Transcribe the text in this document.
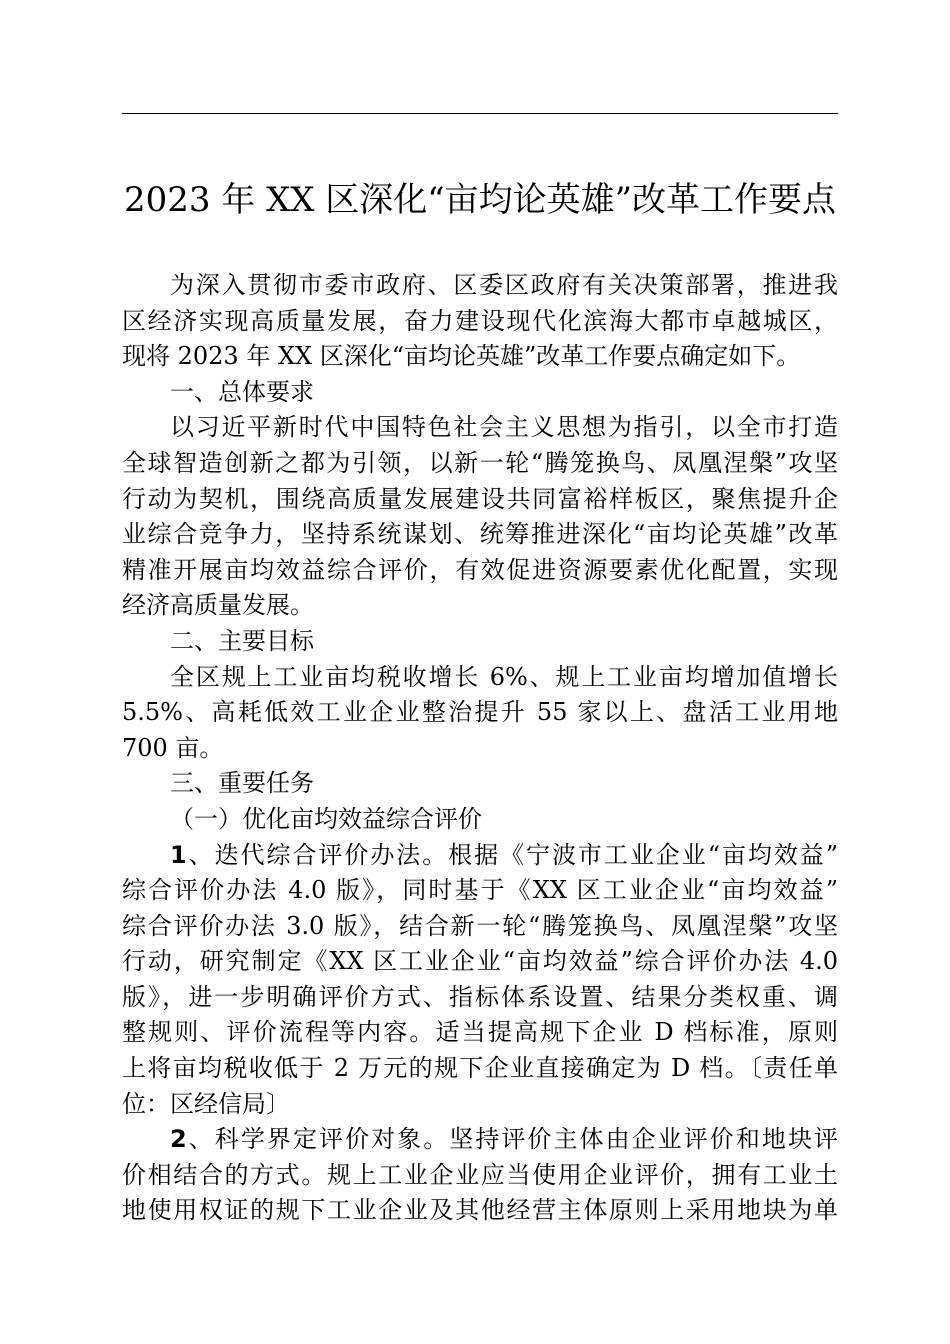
2023 年 XX 区深化“亩均论英雄”改革工作要点
为深入贯彻市委市政府、区委区政府有关决策部署，推进我
区经济实现高质量发展，奋力建设现代化滨海大都市卓越城区，
现将 2023 年 XX 区深化“亩均论英雄”改革工作要点确定如下。
一、总体要求
以习近平新时代中国特色社会主义思想为指引，以全市打造
全球智造创新之都为引领，以新一轮“腾笼换鸟、凤凰涅槃”攻坚
行动为契机，围绕高质量发展建设共同富裕样板区，聚焦提升企
业综合竞争力，坚持系统谋划、统筹推进深化“亩均论英雄”改革
精准开展亩均效益综合评价，有效促进资源要素优化配置，实现
经济高质量发展。
二、主要目标
全区规上工业亩均税收增长 6%、规上工业亩均增加值增长
5.5%、高耗低效工业企业整治提升 55 家以上、盘活工业用地
700 亩。
三、重要任务
（一）优化亩均效益综合评价
1、迭代综合评价办法。根据《宁波市工业企业“亩均效益”
综合评价办法 4.0 版》，同时基于《XX 区工业企业“亩均效益”
综合评价办法 3.0 版》，结合新一轮“腾笼换鸟、凤凰涅槃”攻坚
行动，研究制定《XX 区工业企业“亩均效益”综合评价办法 4.0
版》，进一步明确评价方式、指标体系设置、结果分类权重、调
整规则、评价流程等内容。适当提高规下企业 D 档标准，原则
上将亩均税收低于 2 万元的规下企业直接确定为 D 档。〔责任单
位：区经信局〕
2、科学界定评价对象。坚持评价主体由企业评价和地块评
价相结合的方式。规上工业企业应当使用企业评价，拥有工业土
地使用权证的规下工业企业及其他经营主体原则上采用地块为单
